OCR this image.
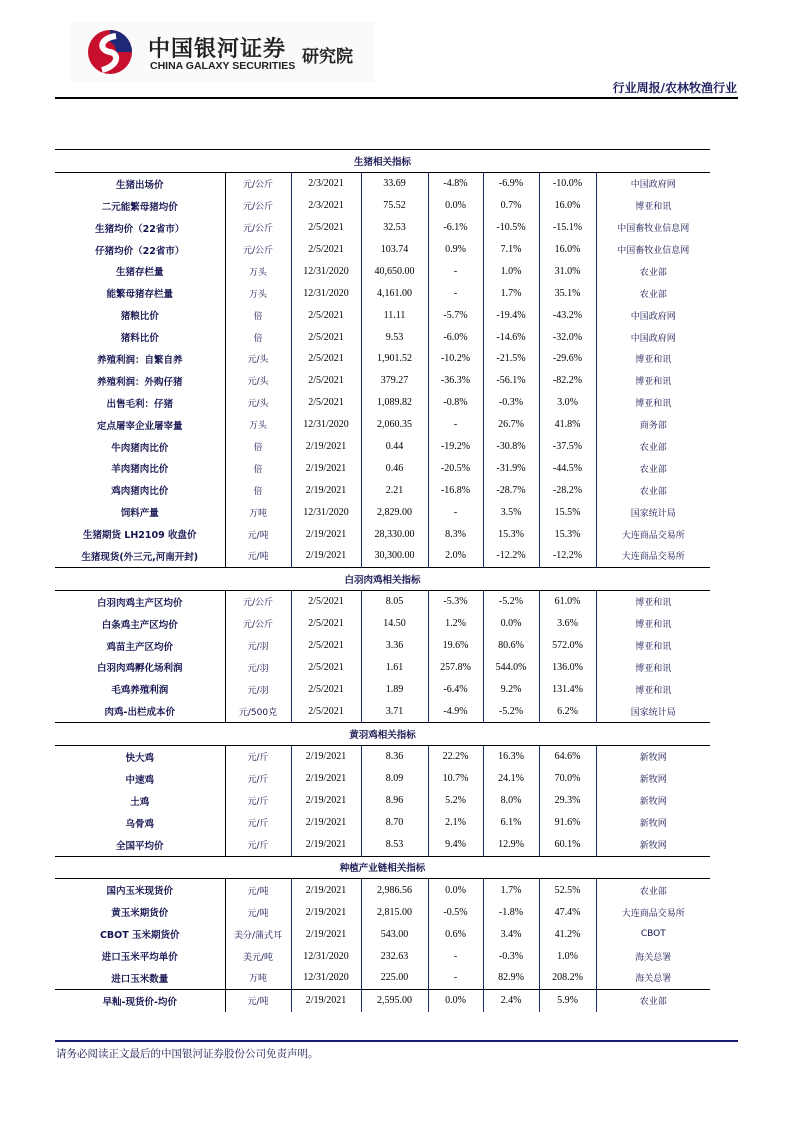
中国银河证券
CHINA GALAXY SECURITIES 研究院
行业周报/农林牧渔行业
生猪相关指标							
生猪出场价	元/公斤	2/3/2021	33.69	-4.8%	-6.9%	-10.0%	中国政府网
二元能繁母猪均价	元/公斤	2/3/2021	75.52	0.0%	0.7%	16.0%	博亚和讯
生猪均价（22省市）	元/公斤	2/5/2021	32.53	-6.1%	-10.5%	-15.1%	中国畜牧业信息网
仔猪均价（22省市）	元/公斤	2/5/2021	103.74	0.9%	7.1%	16.0%	中国畜牧业信息网
生猪存栏量	万头	12/31/2020	40,650.00	-	1.0%	31.0%	农业部
能繁母猪存栏量	万头	12/31/2020	4,161.00	-	1.7%	35.1%	农业部
猪粮比价	倍	2/5/2021	11.11	-5.7%	-19.4%	-43.2%	中国政府网
猪料比价	倍	2/5/2021	9.53	-6.0%	-14.6%	-32.0%	中国政府网
养殖利润：自繁自养	元/头	2/5/2021	1,901.52	-10.2%	-21.5%	-29.6%	博亚和讯
养殖利润：外购仔猪	元/头	2/5/2021	379.27	-36.3%	-56.1%	-82.2%	博亚和讯
出售毛利：仔猪	元/头	2/5/2021	1,089.82	-0.8%	-0.3%	3.0%	博亚和讯
定点屠宰企业屠宰量	万头	12/31/2020	2,060.35	-	26.7%	41.8%	商务部
牛肉猪肉比价	倍	2/19/2021	0.44	-19.2%	-30.8%	-37.5%	农业部
羊肉猪肉比价	倍	2/19/2021	0.46	-20.5%	-31.9%	-44.5%	农业部
鸡肉猪肉比价	倍	2/19/2021	2.21	-16.8%	-28.7%	-28.2%	农业部
饲料产量	万吨	12/31/2020	2,829.00	-	3.5%	15.5%	国家统计局
生猪期货 LH2109 收盘价	元/吨	2/19/2021	28,330.00	8.3%	15.3%	15.3%	大连商品交易所
生猪现货(外三元,河南开封)	元/吨	2/19/2021	30,300.00	2.0%	-12.2%	-12.2%	大连商品交易所
白羽肉鸡相关指标							
白羽肉鸡主产区均价	元/公斤	2/5/2021	8.05	-5.3%	-5.2%	61.0%	博亚和讯
白条鸡主产区均价	元/公斤	2/5/2021	14.50	1.2%	0.0%	3.6%	博亚和讯
鸡苗主产区均价	元/羽	2/5/2021	3.36	19.6%	80.6%	572.0%	博亚和讯
白羽肉鸡孵化场利润	元/羽	2/5/2021	1.61	257.8%	544.0%	136.0%	博亚和讯
毛鸡养殖利润	元/羽	2/5/2021	1.89	-6.4%	9.2%	131.4%	博亚和讯
肉鸡-出栏成本价	元/500克	2/5/2021	3.71	-4.9%	-5.2%	6.2%	国家统计局
黄羽鸡相关指标							
快大鸡	元/斤	2/19/2021	8.36	22.2%	16.3%	64.6%	新牧网
中速鸡	元/斤	2/19/2021	8.09	10.7%	24.1%	70.0%	新牧网
土鸡	元/斤	2/19/2021	8.96	5.2%	8.0%	29.3%	新牧网
乌骨鸡	元/斤	2/19/2021	8.70	2.1%	6.1%	91.6%	新牧网
全国平均价	元/斤	2/19/2021	8.53	9.4%	12.9%	60.1%	新牧网
种植产业链相关指标							
国内玉米现货价	元/吨	2/19/2021	2,986.56	0.0%	1.7%	52.5%	农业部
黄玉米期货价	元/吨	2/19/2021	2,815.00	-0.5%	-1.8%	47.4%	大连商品交易所
CBOT 玉米期货价	美分/蒲式耳	2/19/2021	543.00	0.6%	3.4%	41.2%	CBOT
进口玉米平均单价	美元/吨	12/31/2020	232.63	-	-0.3%	1.0%	海关总署
进口玉米数量	万吨	12/31/2020	225.00	-	82.9%	208.2%	海关总署
早籼-现货价-均价	元/吨	2/19/2021	2,595.00	0.0%	2.4%	5.9%	农业部
请务必阅读正文最后的中国银河证券股份公司免责声明。
